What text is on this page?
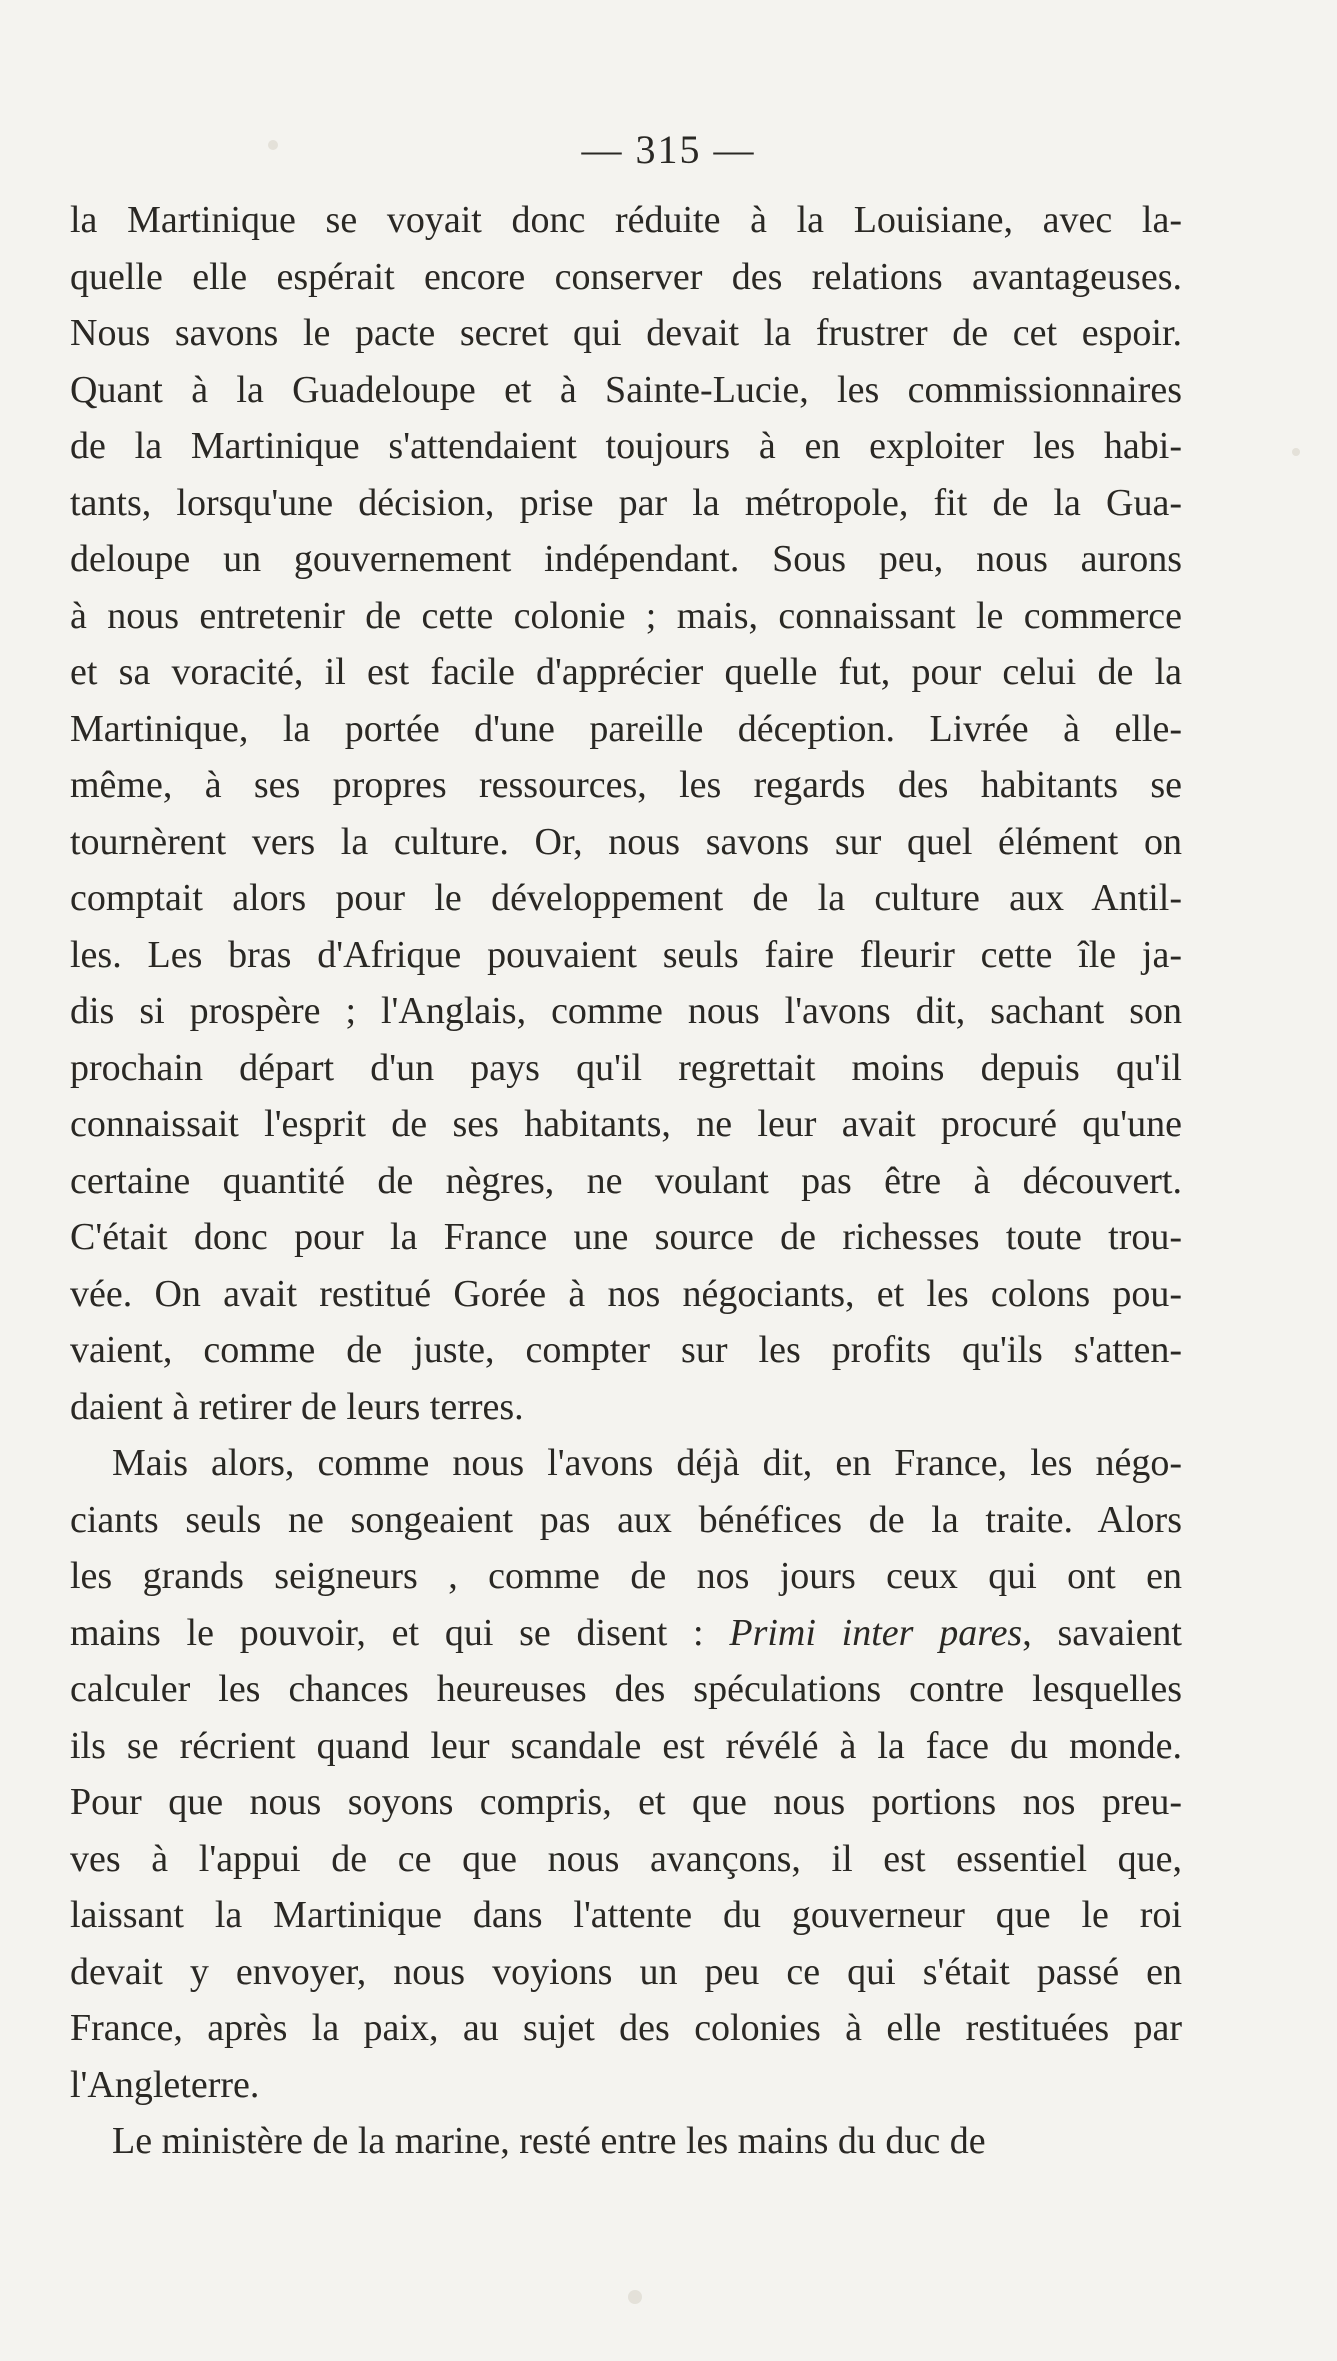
— 315 —
la Martinique se voyait donc réduite à la Louisiane, avec la-
quelle elle espérait encore conserver des relations avantageuses.
Nous savons le pacte secret qui devait la frustrer de cet espoir.
Quant à la Guadeloupe et à Sainte-Lucie, les commissionnaires
de la Martinique s'attendaient toujours à en exploiter les habi-
tants, lorsqu'une décision, prise par la métropole, fit de la Gua-
deloupe un gouvernement indépendant. Sous peu, nous aurons
à nous entretenir de cette colonie ; mais, connaissant le commerce
et sa voracité, il est facile d'apprécier quelle fut, pour celui de la
Martinique, la portée d'une pareille déception. Livrée à elle-
même, à ses propres ressources, les regards des habitants se
tournèrent vers la culture. Or, nous savons sur quel élément on
comptait alors pour le développement de la culture aux Antil-
les. Les bras d'Afrique pouvaient seuls faire fleurir cette île ja-
dis si prospère ; l'Anglais, comme nous l'avons dit, sachant son
prochain départ d'un pays qu'il regrettait moins depuis qu'il
connaissait l'esprit de ses habitants, ne leur avait procuré qu'une
certaine quantité de nègres, ne voulant pas être à découvert.
C'était donc pour la France une source de richesses toute trou-
vée. On avait restitué Gorée à nos négociants, et les colons pou-
vaient, comme de juste, compter sur les profits qu'ils s'atten-
daient à retirer de leurs terres.
Mais alors, comme nous l'avons déjà dit, en France, les négo-
ciants seuls ne songeaient pas aux bénéfices de la traite. Alors
les grands seigneurs , comme de nos jours ceux qui ont en
mains le pouvoir, et qui se disent : Primi inter pares, savaient
calculer les chances heureuses des spéculations contre lesquelles
ils se récrient quand leur scandale est révélé à la face du monde.
Pour que nous soyons compris, et que nous portions nos preu-
ves à l'appui de ce que nous avançons, il est essentiel que,
laissant la Martinique dans l'attente du gouverneur que le roi
devait y envoyer, nous voyions un peu ce qui s'était passé en
France, après la paix, au sujet des colonies à elle restituées par
l'Angleterre.
Le ministère de la marine, resté entre les mains du duc de
